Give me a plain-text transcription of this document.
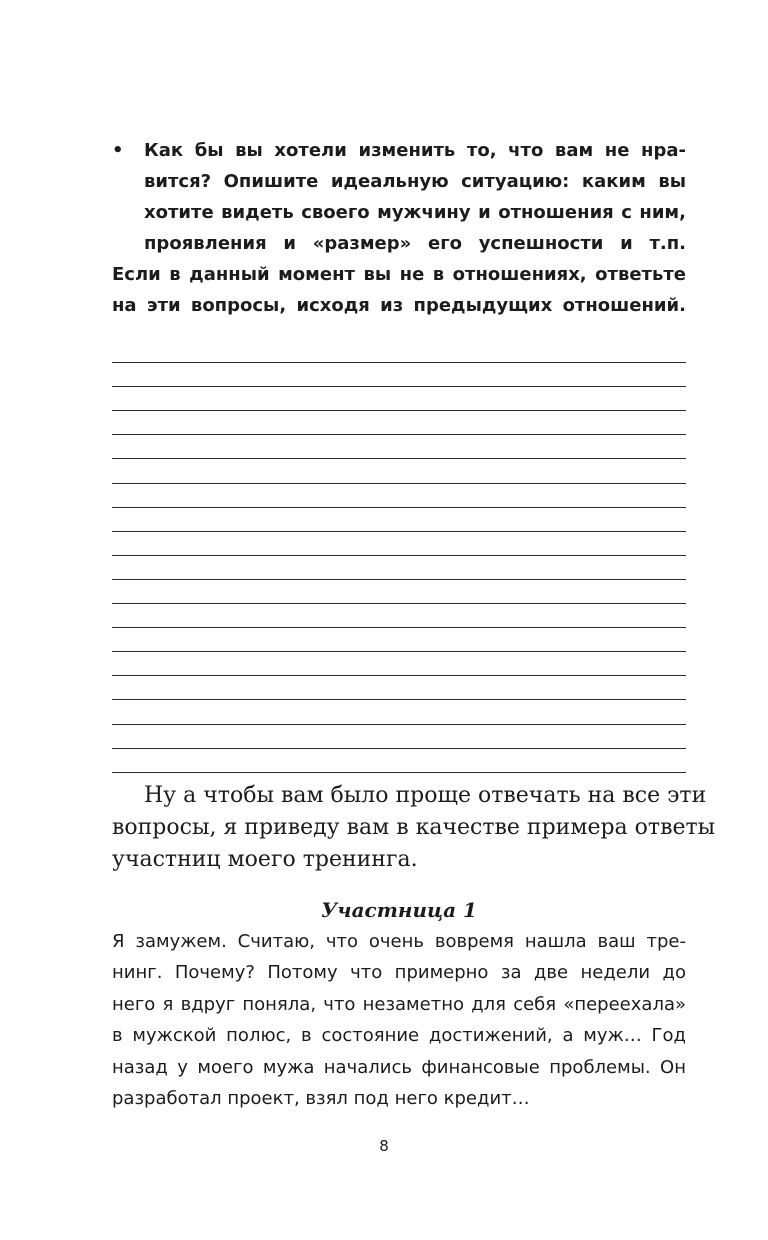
• Как бы вы хотели изменить то, что вам не нра-
вится? Опишите идеальную ситуацию: каким вы
хотите видеть своего мужчину и отношения с ним,
проявления и «размер» его успешности и т.п.
Если в данный момент вы не в отношениях, ответьте
на эти вопросы, исходя из предыдущих отношений.
Ну а чтобы вам было проще отвечать на все эти
вопросы, я приведу вам в качестве примера ответы
участниц моего тренинга.
Участница 1
Я замужем. Считаю, что очень вовремя нашла ваш тре-
нинг. Почему? Потому что примерно за две недели до
него я вдруг поняла, что незаметно для себя «переехала»
в мужской полюс, в состояние достижений, а муж… Год
назад у моего мужа начались финансовые проблемы. Он
разработал проект, взял под него кредит…
8
